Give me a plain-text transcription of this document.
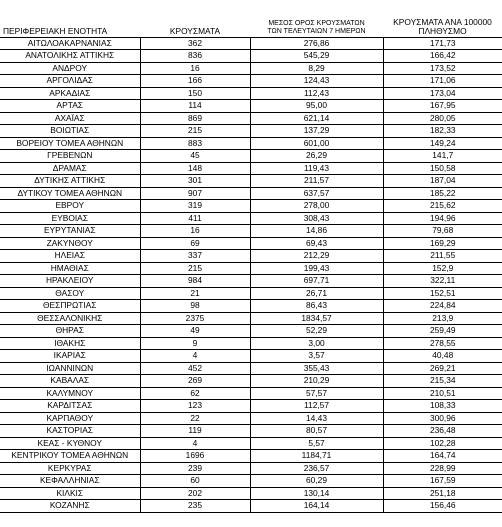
ΠΕΡΙΦΕΡΕΙΑΚΗ ΕΝΟΤΗΤΑ	ΚΡΟΥΣΜΑΤΑ	ΜΕΣΟΣ ΟΡΟΣ ΚΡΟΥΣΜΑΤΩΝ
ΤΩΝ ΤΕΛΕΥΤΑΙΩΝ 7 ΗΜΕΡΩΝ	ΚΡΟΥΣΜΑΤΑ ΑΝΑ 100000
ΠΛΗΘΥΣΜΟ

ΑΙΤΩΛΟΑΚΑΡΝΑΝΙΑΣ	362	276,86	171,73
ΑΝΑΤΟΛΙΚΗΣ ΑΤΤΙΚΗΣ	836	545,29	166,42
ΑΝΔΡΟΥ	16	8,29	173,52
ΑΡΓΟΛΙΔΑΣ	166	124,43	171,06
ΑΡΚΑΔΙΑΣ	150	112,43	173,04
ΑΡΤΑΣ	114	95,00	167,95
ΑΧΑΪΑΣ	869	621,14	280,05
ΒΟΙΩΤΙΑΣ	215	137,29	182,33
ΒΟΡΕΙΟΥ ΤΟΜΕΑ ΑΘΗΝΩΝ	883	601,00	149,24
ΓΡΕΒΕΝΩΝ	45	26,29	141,7
ΔΡΑΜΑΣ	148	119,43	150,58
ΔΥΤΙΚΗΣ ΑΤΤΙΚΗΣ	301	211,57	187,04
ΔΥΤΙΚΟΥ ΤΟΜΕΑ ΑΘΗΝΩΝ	907	637,57	185,22
ΕΒΡΟΥ	319	278,00	215,62
ΕΥΒΟΙΑΣ	411	308,43	194,96
ΕΥΡΥΤΑΝΙΑΣ	16	14,86	79,68
ΖΑΚΥΝΘΟΥ	69	69,43	169,29
ΗΛΕΙΑΣ	337	212,29	211,55
ΗΜΑΘΙΑΣ	215	199,43	152,9
ΗΡΑΚΛΕΙΟΥ	984	697,71	322,11
ΘΑΣΟΥ	21	26,71	152,51
ΘΕΣΠΡΩΤΙΑΣ	98	86,43	224,84
ΘΕΣΣΑΛΟΝΙΚΗΣ	2375	1834,57	213,9
ΘΗΡΑΣ	49	52,29	259,49
ΙΘΑΚΗΣ	9	3,00	278,55
ΙΚΑΡΙΑΣ	4	3,57	40,48
ΙΩΑΝΝΙΝΩΝ	452	355,43	269,21
ΚΑΒΑΛΑΣ	269	210,29	215,34
ΚΑΛΥΜΝΟΥ	62	57,57	210,51
ΚΑΡΔΙΤΣΑΣ	123	112,57	108,33
ΚΑΡΠΑΘΟΥ	22	14,43	300,96
ΚΑΣΤΟΡΙΑΣ	119	80,57	236,48
ΚΕΑΣ - ΚΥΘΝΟΥ	4	5,57	102,28
ΚΕΝΤΡΙΚΟΥ ΤΟΜΕΑ ΑΘΗΝΩΝ	1696	1184,71	164,74
ΚΕΡΚΥΡΑΣ	239	236,57	228,99
ΚΕΦΑΛΛΗΝΙΑΣ	60	60,29	167,59
ΚΙΛΚΙΣ	202	130,14	251,18
ΚΟΖΑΝΗΣ	235	164,14	156,46
